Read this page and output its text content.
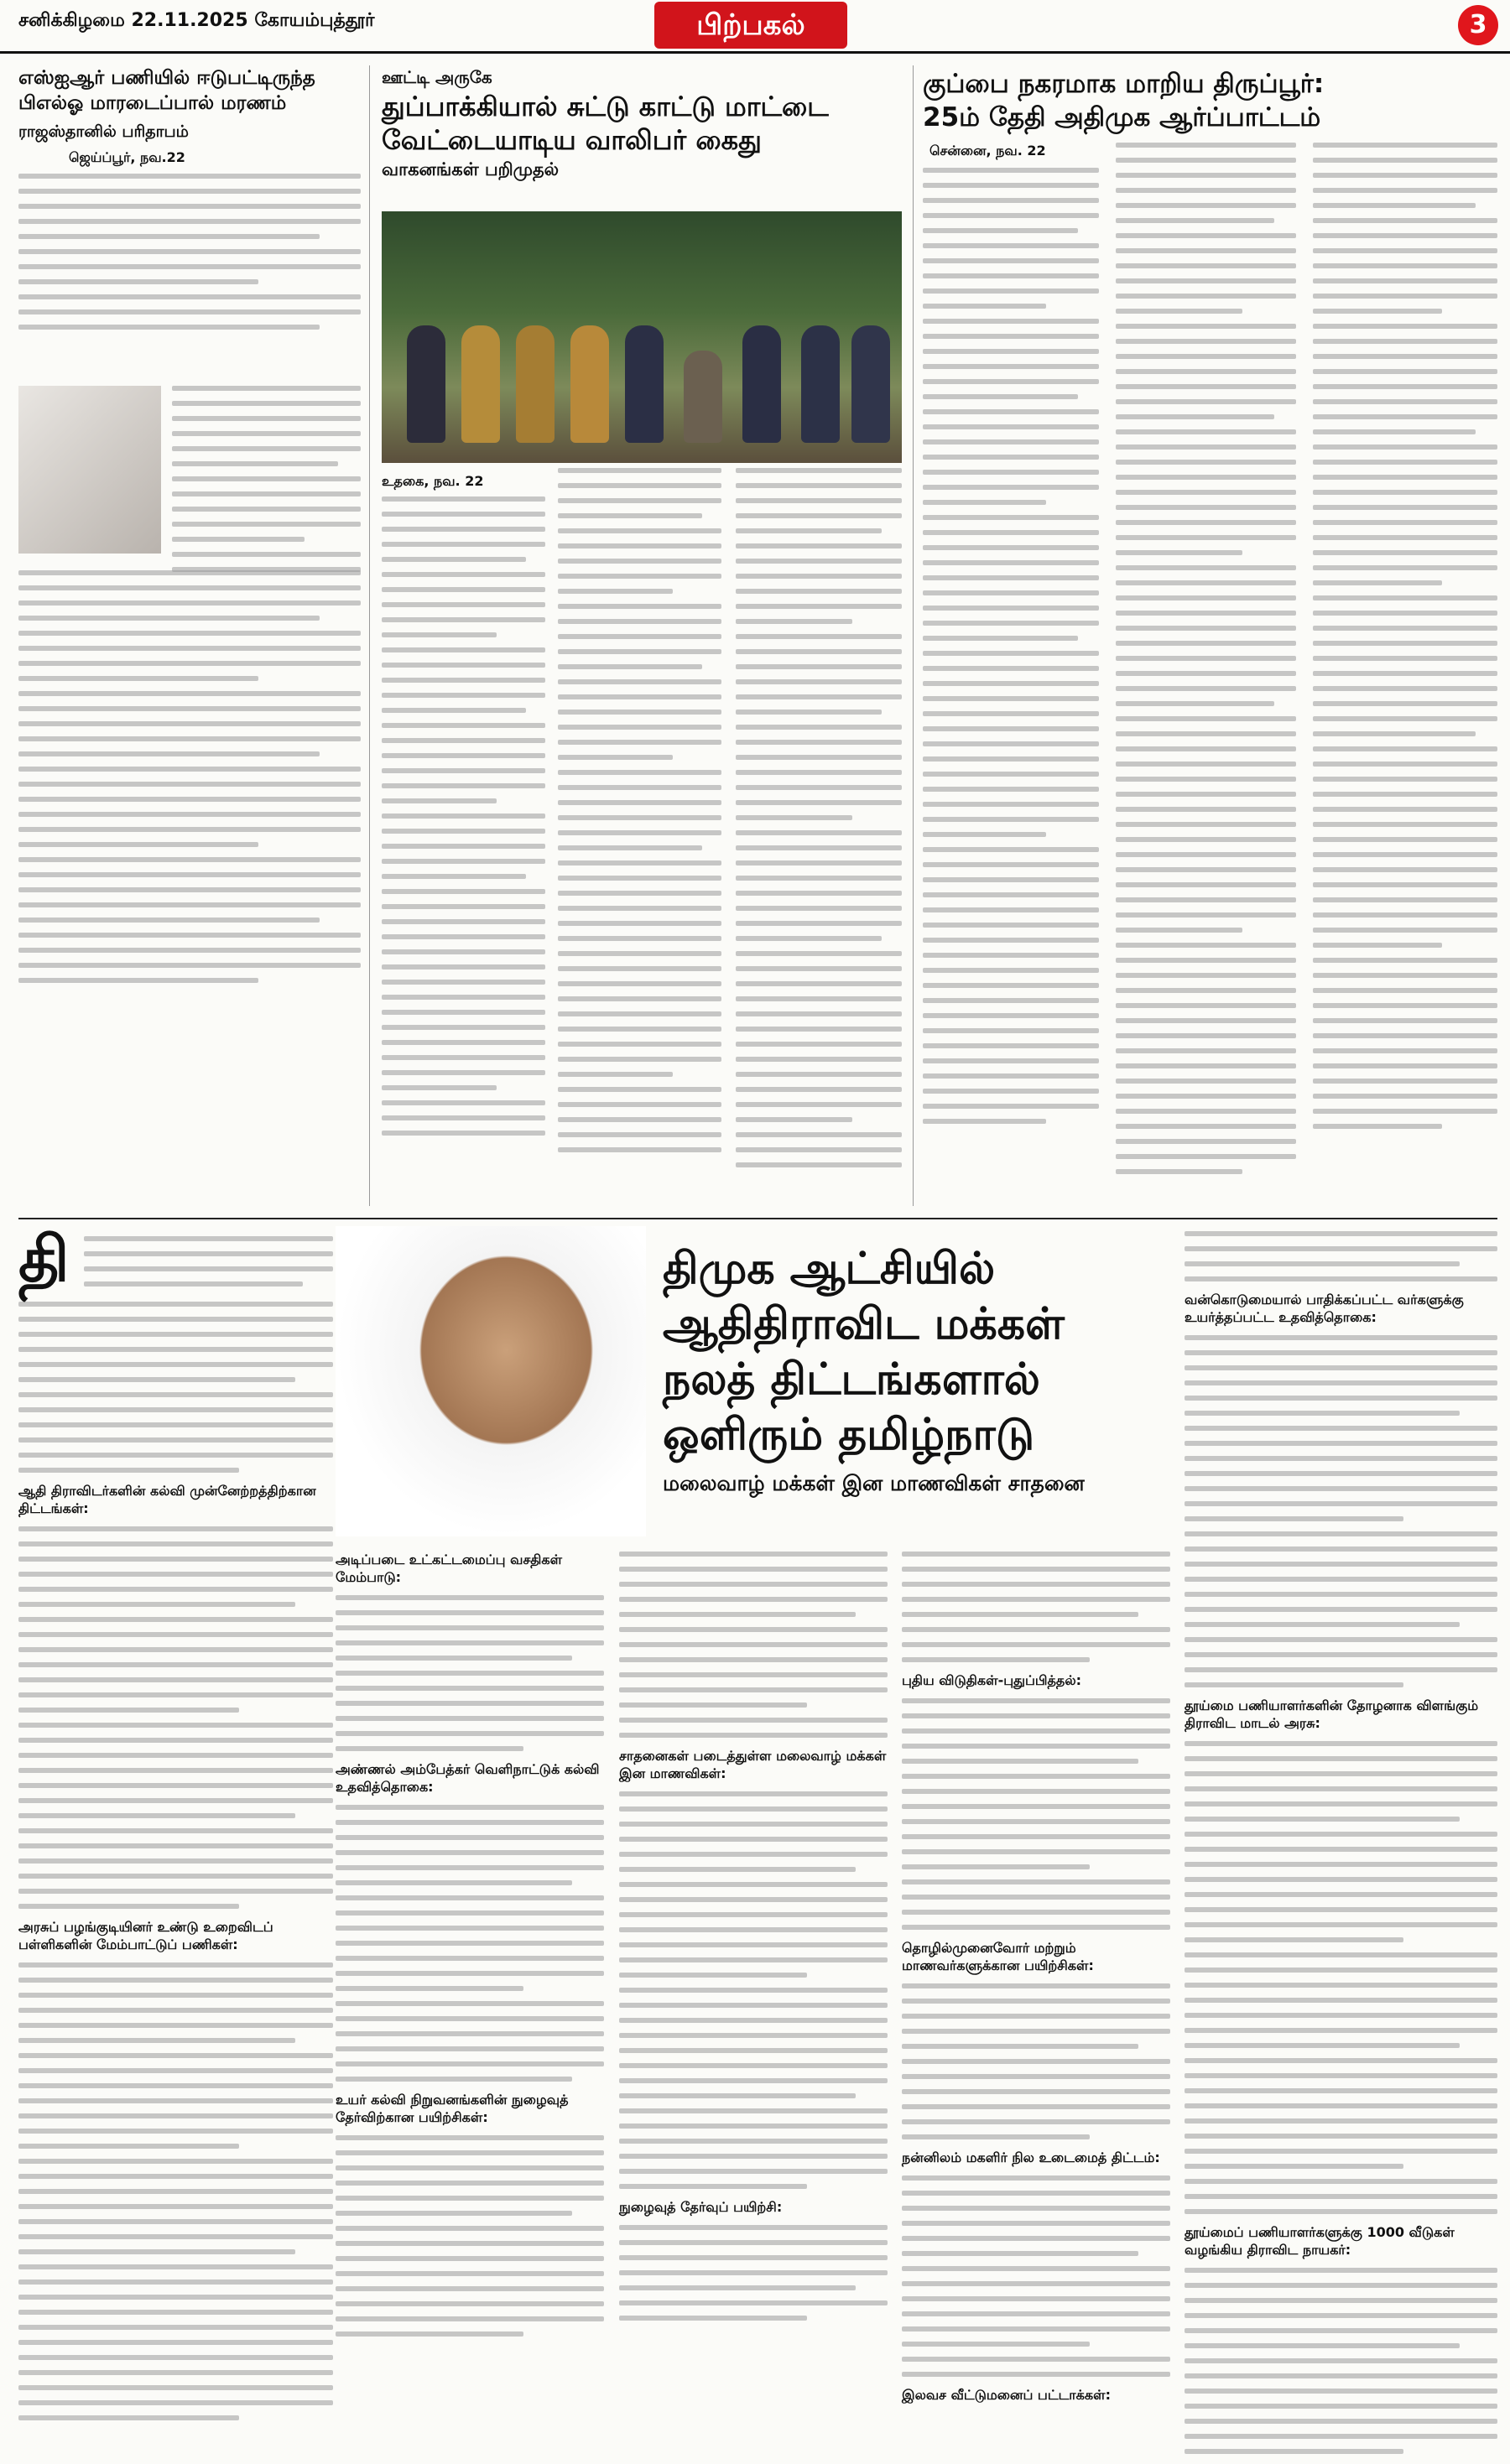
சனிக்கிழமை 22.11.2025 கோயம்புத்தூர்	பிற்பகல்	3
எஸ்ஐஆர் பணியில் ஈடுபட்டிருந்த
பிஎல்ஓ மாரடைப்பால் மரணம்
ராஜஸ்தானில் பரிதாபம்
ஜெய்ப்பூர், நவ.22
ஊட்டி அருகே
துப்பாக்கியால் சுட்டு காட்டு மாட்டை
வேட்டையாடிய வாலிபர் கைது
வாகனங்கள் பறிமுதல்
உதகை, நவ. 22
குப்பை நகரமாக மாறிய திருப்பூர்:
25ம் தேதி அதிமுக ஆர்ப்பாட்டம்
சென்னை, நவ. 22
தி
ஆதி திராவிடர்களின் கல்வி முன்னேற்றத்திற்கான திட்டங்கள்:
அரசுப் பழங்குடியினர் உண்டு உறைவிடப் பள்ளிகளின் மேம்பாட்டுப் பணிகள்:
திமுக ஆட்சியில்
ஆதிதிராவிட மக்கள்
நலத் திட்டங்களால்
ஒளிரும் தமிழ்நாடு
மலைவாழ் மக்கள் இன மாணவிகள் சாதனை
அடிப்படை உட்கட்டமைப்பு வசதிகள் மேம்பாடு:
அண்ணல் அம்பேத்கர் வெளிநாட்டுக் கல்வி உதவித்தொகை:
உயர் கல்வி நிறுவனங்களின் நுழைவுத் தேர்விற்கான பயிற்சிகள்:
சாதனைகள் படைத்துள்ள மலைவாழ் மக்கள் இன மாணவிகள்:
நுழைவுத் தேர்வுப் பயிற்சி:
புதிய விடுதிகள்-புதுப்பித்தல்:
தொழில்முனைவோர் மற்றும் மாணவர்களுக்கான பயிற்சிகள்:
நன்னிலம் மகளிர் நில உடைமைத் திட்டம்:
இலவச வீட்டுமனைப் பட்டாக்கள்:
வன்கொடுமையால் பாதிக்கப்பட்ட வர்களுக்கு உயர்த்தப்பட்ட உதவித்தொகை:
தூய்மை பணியாளர்களின் தோழனாக விளங்கும் திராவிட மாடல் அரசு:
தூய்மைப் பணியாளர்களுக்கு 1000 வீடுகள் வழங்கிய திராவிட நாயகர்:
